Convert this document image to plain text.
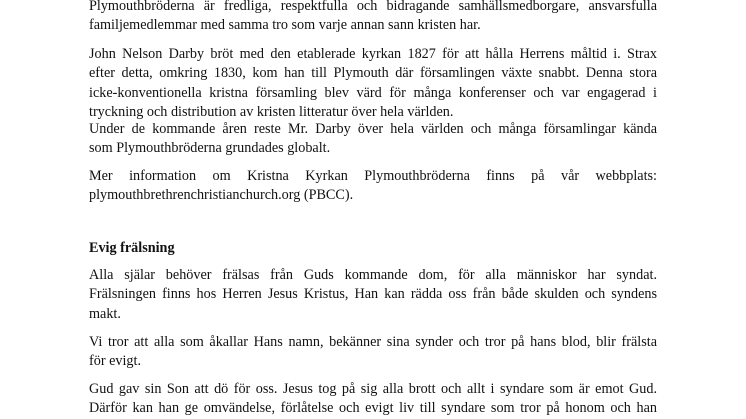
Plymouthbröderna är fredliga, respektfulla och bidragande samhällsmedborgare, ansvarsfulla
familjemedlemmar med samma tro som varje annan sann kristen har.
John Nelson Darby bröt med den etablerade kyrkan 1827 för att hålla Herrens måltid i. Strax
efter detta, omkring 1830, kom han till Plymouth där församlingen växte snabbt. Denna stora
icke-konventionella kristna församling blev värd för många konferenser och var engagerad i
tryckning och distribution av kristen litteratur över hela världen.
Under de kommande åren reste Mr. Darby över hela världen och många församlingar kända
som Plymouthbröderna grundades globalt.
Mer information om Kristna Kyrkan Plymouthbröderna finns på vår webbplats:
plymouthbrethrenchristianchurch.org (PBCC).
Evig frälsning
Alla själar behöver frälsas från Guds kommande dom, för alla människor har syndat.
Frälsningen finns hos Herren Jesus Kristus, Han kan rädda oss från både skulden och syndens
makt.
Vi tror att alla som åkallar Hans namn, bekänner sina synder och tror på hans blod, blir frälsta
för evigt.
Gud gav sin Son att dö för oss. Jesus tog på sig alla brott och allt i syndare som är emot Gud.
Därför kan han ge omvändelse, förlåtelse och evigt liv till syndare som tror på honom och han
